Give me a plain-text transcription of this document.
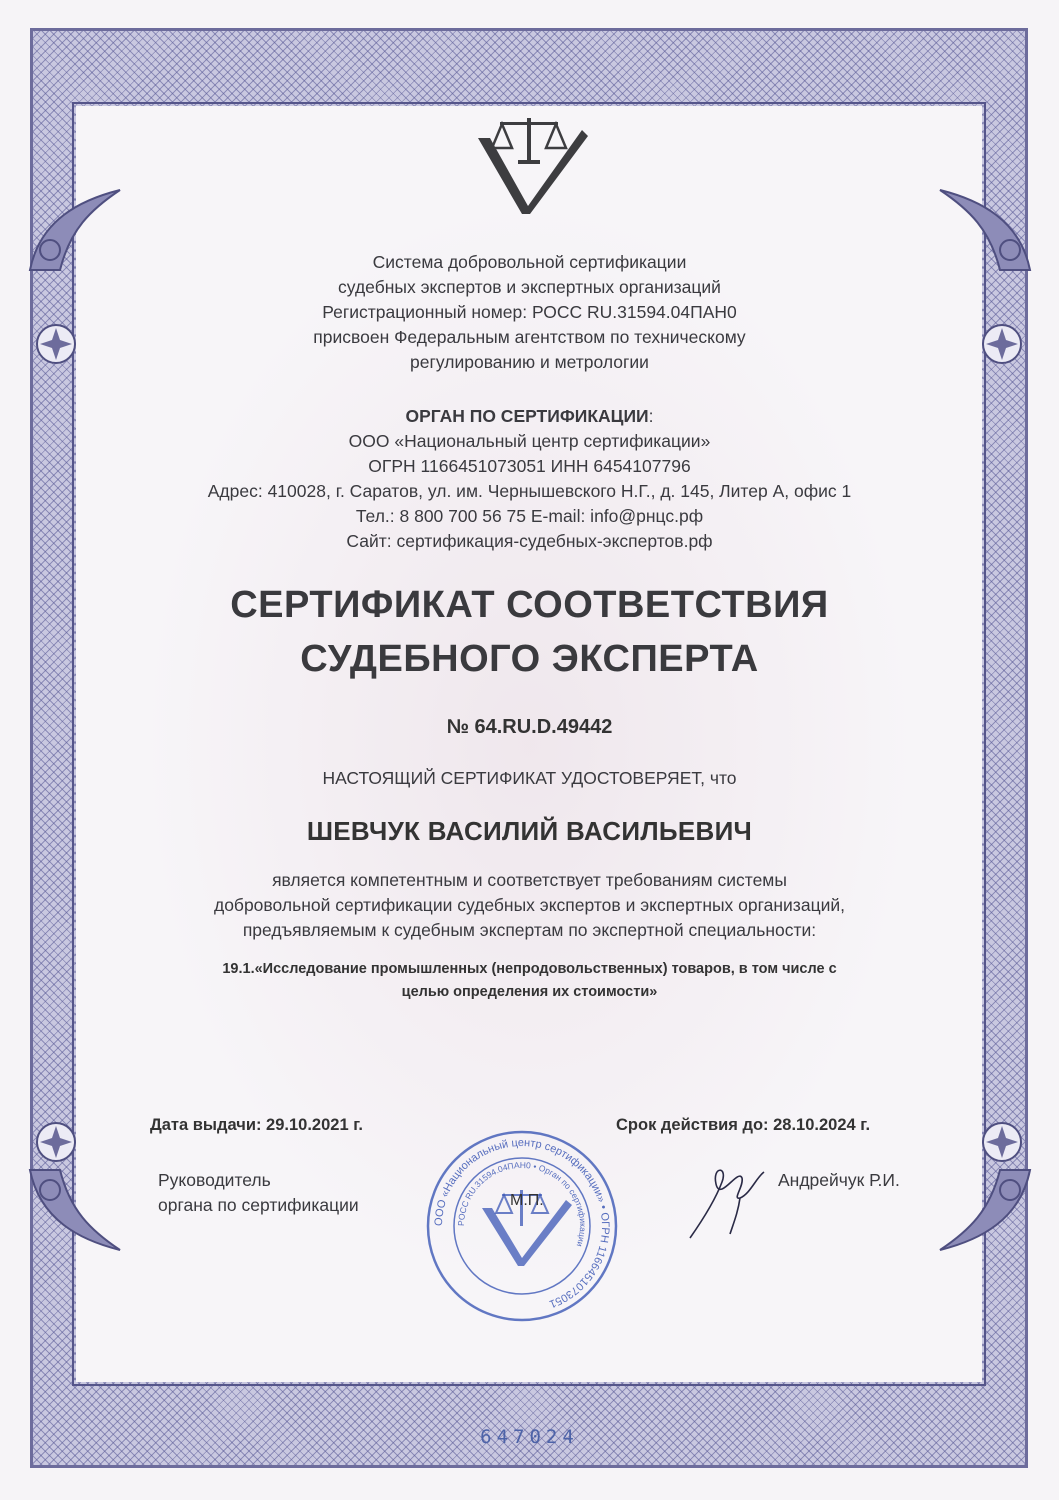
Система добровольной сертификации
судебных экспертов и экспертных организаций
Регистрационный номер: РОСС RU.31594.04ПАН0
присвоен Федеральным агентством по техническому
регулированию и метрологии
ОРГАН ПО СЕРТИФИКАЦИИ:
ООО «Национальный центр сертификации»
ОГРН 1166451073051 ИНН 6454107796
Адрес: 410028, г. Саратов, ул. им. Чернышевского Н.Г., д. 145, Литер А, офис 1
Тел.: 8 800 700 56 75 E-mail: info@рнцс.рф
Сайт: сертификация-судебных-экспертов.рф
СЕРТИФИКАТ СООТВЕТСТВИЯ
СУДЕБНОГО ЭКСПЕРТА
№ 64.RU.D.49442
НАСТОЯЩИЙ СЕРТИФИКАТ УДОСТОВЕРЯЕТ, что
ШЕВЧУК ВАСИЛИЙ ВАСИЛЬЕВИЧ
является компетентным и соответствует требованиям системы
добровольной сертификации судебных экспертов и экспертных организаций,
предъявляемым к судебным экспертам по экспертной специальности:
19.1.«Исследование промышленных (непродовольственных) товаров, в том числе с
целью определения их стоимости»
Дата выдачи: 29.10.2021 г.	Срок действия до: 28.10.2024 г.
Руководитель
органа по сертификации
ООО «Национальный центр сертификации» • ОГРН 1166451073051
РОСС RU.31594.04ПАН0 • Орган по сертификации
М.П.
Андрейчук Р.И.
647024
